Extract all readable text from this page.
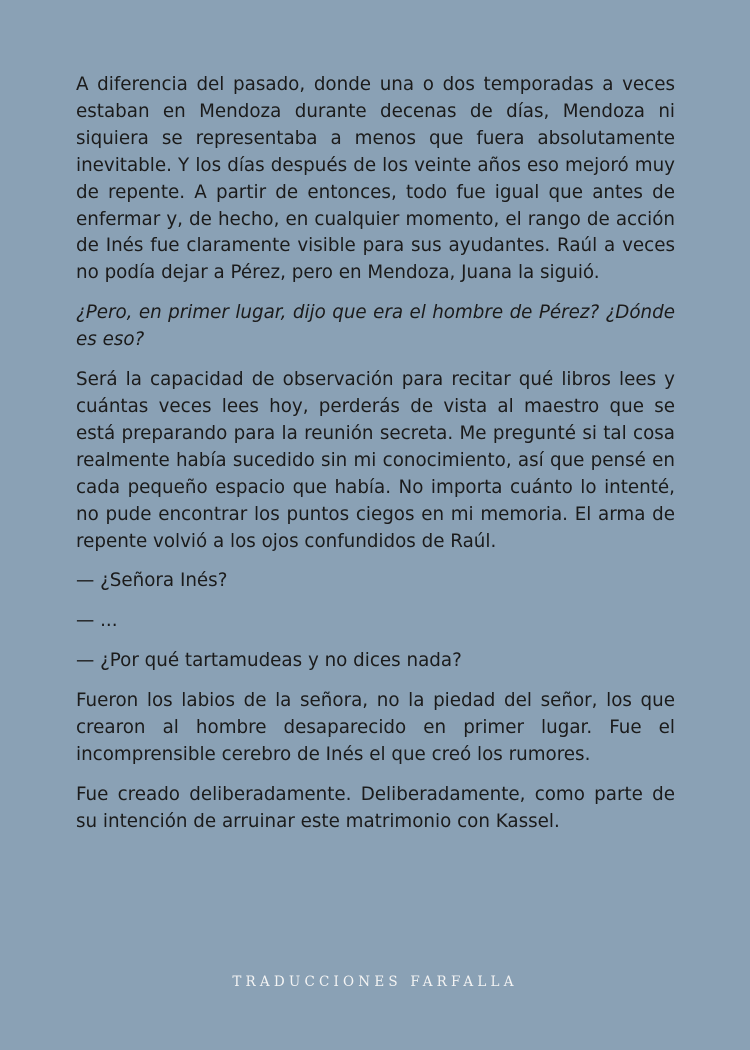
A diferencia del pasado, donde una o dos temporadas a veces estaban en Mendoza durante decenas de días, Mendoza ni siquiera se representaba a menos que fuera absolutamente inevitable. Y los días después de los veinte años eso mejoró muy de repente. A partir de entonces, todo fue igual que antes de enfermar y, de hecho, en cualquier momento, el rango de acción de Inés fue claramente visible para sus ayudantes. Raúl a veces no podía dejar a Pérez, pero en Mendoza, Juana la siguió.

¿Pero, en primer lugar, dijo que era el hombre de Pérez? ¿Dónde es eso?

Será la capacidad de observación para recitar qué libros lees y cuántas veces lees hoy, perderás de vista al maestro que se está preparando para la reunión secreta. Me pregunté si tal cosa realmente había sucedido sin mi conocimiento, así que pensé en cada pequeño espacio que había. No importa cuánto lo intenté, no pude encontrar los puntos ciegos en mi memoria. El arma de repente volvió a los ojos confundidos de Raúl.

— ¿Señora Inés?

— ...

— ¿Por qué tartamudeas y no dices nada?

Fueron los labios de la señora, no la piedad del señor, los que crearon al hombre desaparecido en primer lugar. Fue el incomprensible cerebro de Inés el que creó los rumores.

Fue creado deliberadamente. Deliberadamente, como parte de su intención de arruinar este matrimonio con Kassel.

TRADUCCIONES FARFALLA
